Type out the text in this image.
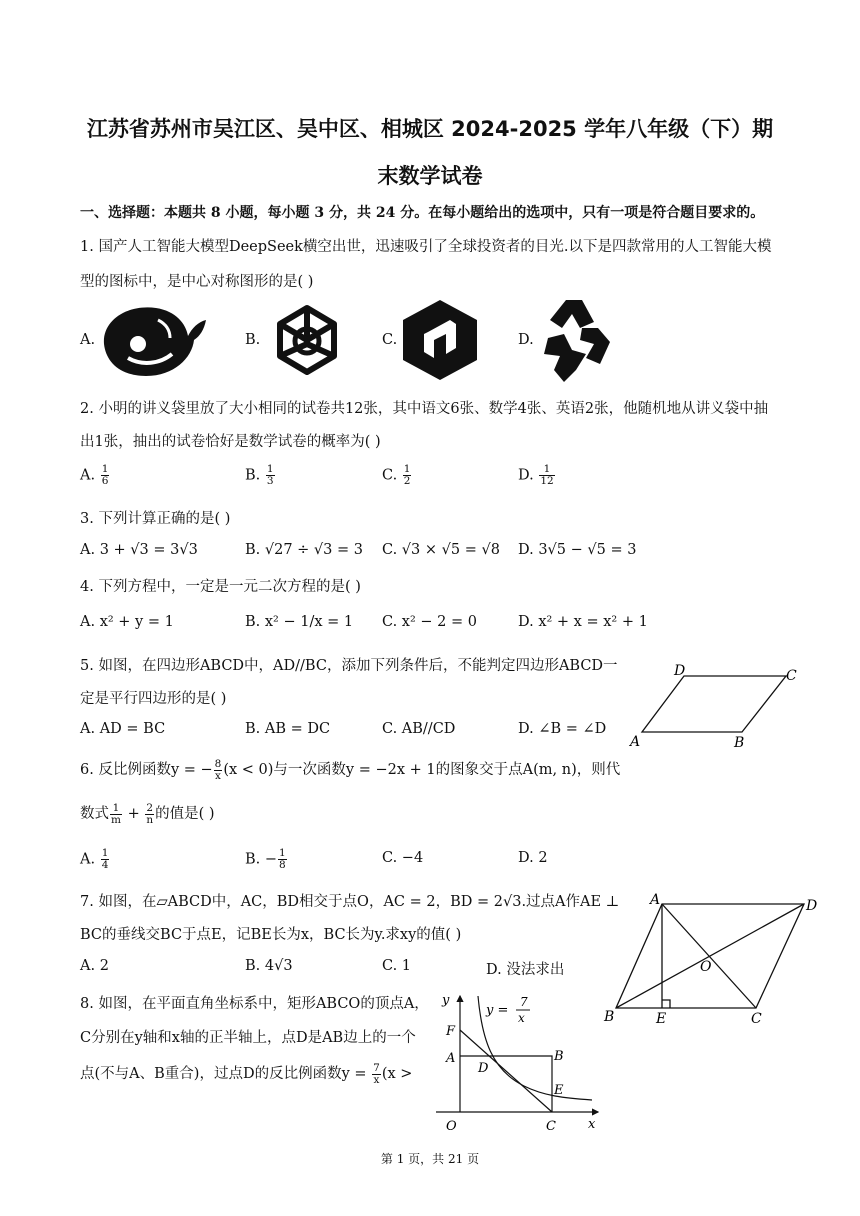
江苏省苏州市吴江区、吴中区、相城区 2024-2025 学年八年级（下）期
末数学试卷
一、选择题：本题共 8 小题，每小题 3 分，共 24 分。在每小题给出的选项中，只有一项是符合题目要求的。
1. 国产人工智能大模型DeepSeek横空出世，迅速吸引了全球投资者的目光.以下是四款常用的人工智能大模
型的图标中，是中心对称图形的是( )
A.	B.	C.	D.
2. 小明的讲义袋里放了大小相同的试卷共12张，其中语文6张、数学4张、英语2张，他随机地从讲义袋中抽
出1张，抽出的试卷恰好是数学试卷的概率为( )
A. $\frac{1}{6}$	B. $\frac{1}{3}$	C. $\frac{1}{2}$	D. $\frac{1}{12}$
3. 下列计算正确的是( )
A. 3 + √3 = 3√3	B. √27 ÷ √3 = 3 C. √3 × √5 = √8 D. 3√5 − √5 = 3
4. 下列方程中，一定是一元二次方程的是( )
A. x² + y = 1	B. x² − 1/x = 1 C. x² − 2 = 0	D. x² + x = x² + 1
5. 如图，在四边形ABCD中，AD//BC，添加下列条件后，不能判定四边形ABCD一
定是平行四边形的是( )
A. AD = BC	B. AB = DC	C. AB//CD	D. ∠B = ∠D
D	C
A	B
6. 反比例函数y = − $\frac{8}{x} (x < 0)$与一次函数y = −2x + 1的图象交于点A(m, n)，则代
数式 $\frac{1}{m} + \frac{2}{n}$ 的值是( )
A. $\frac{1}{4}$	B. − $\frac{1}{8}$	C. −4	D. 2
7. 如图，在▱ABCD中，AC，BD相交于点O，AC = 2，BD = 2√3.过点A作AE ⊥
BC的垂线交BC于点E，记BE长为x，BC长为y.求xy的值( )
A. 2	B. 4√3	C. 1	D. 没法求出
A	D
O
B	E	C
8. 如图，在平面直角坐标系中，矩形ABCO的顶点A，
C分别在y轴和x轴的正半轴上，点D是AB边上的一个
点(不与A、B重合)，过点D的反比例函数$y = \frac{7}{x} (x$ >
y
F
A
D
B
E
O	C x
y =
7
x
第 1 页，共 21 页
